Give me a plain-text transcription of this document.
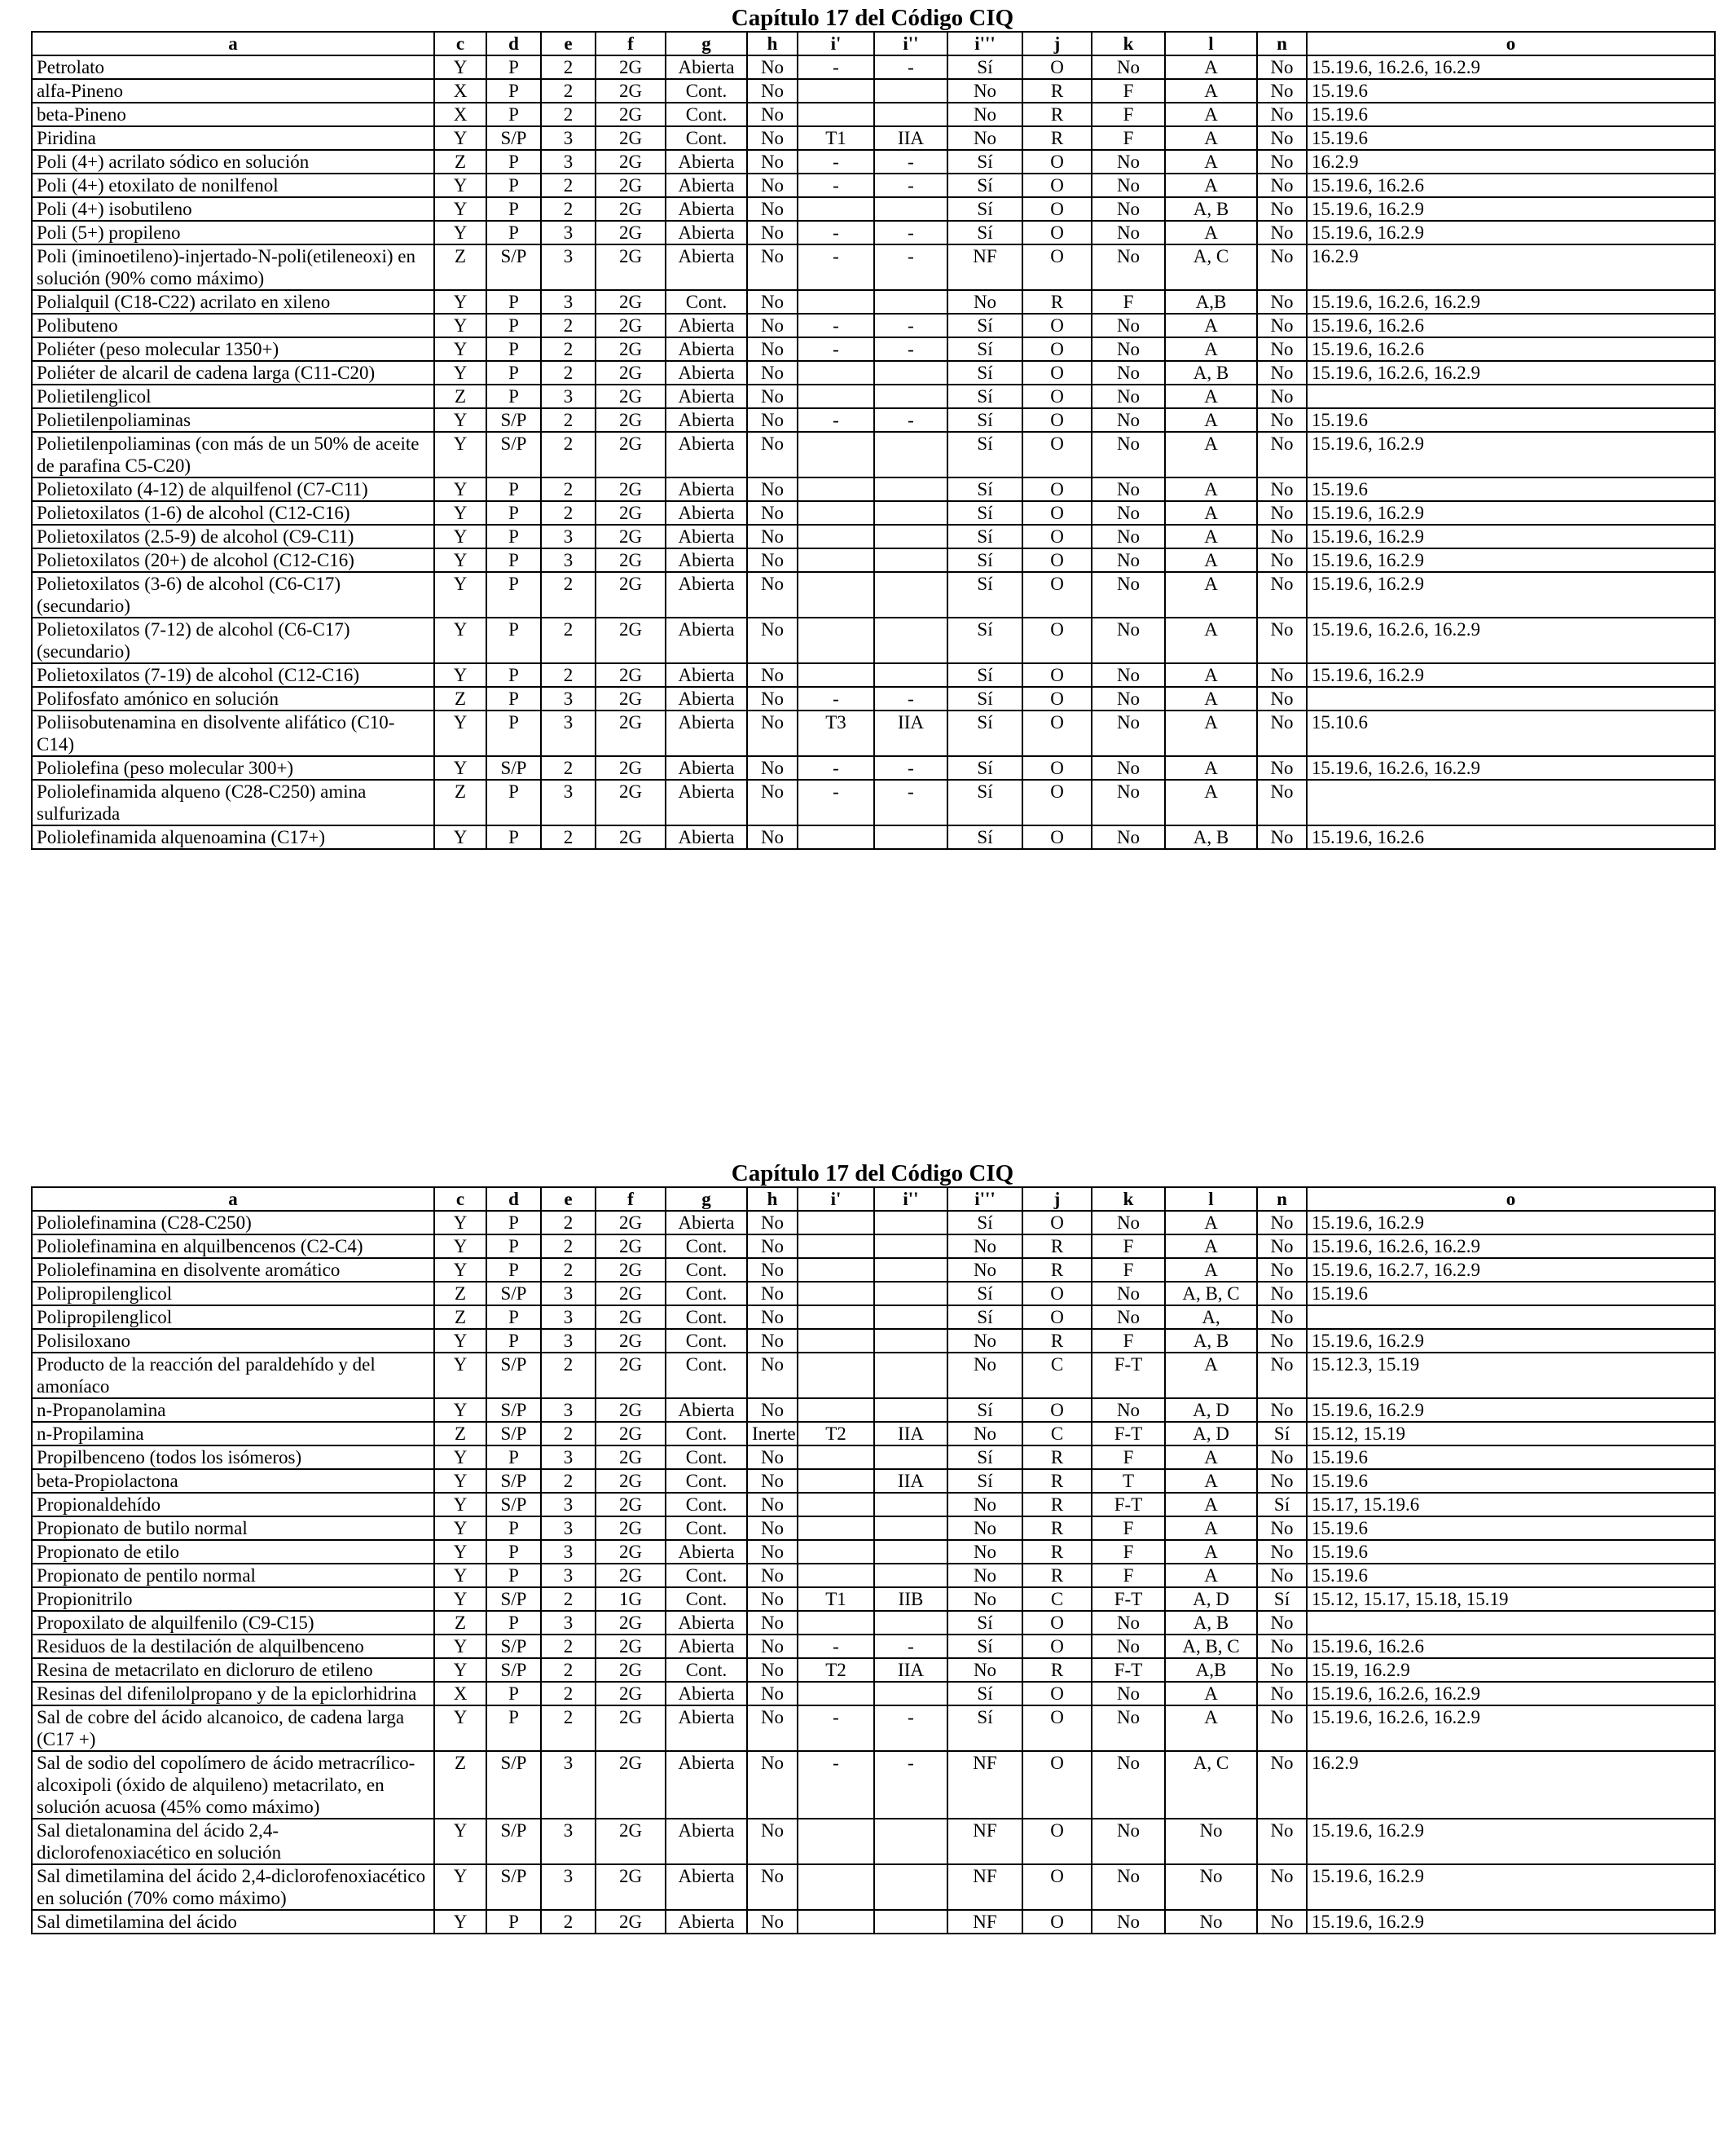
Capítulo 17 del Código CIQ
a	c	d	e	f	g	h	i'	i''	i'''	j	k	l	n	o
Petrolato	Y	P	2	2G	Abierta	No	-	-	Sí	O	No	A	No	15.19.6, 16.2.6, 16.2.9
alfa-Pineno	X	P	2	2G	Cont.	No			No	R	F	A	No	15.19.6
beta-Pineno	X	P	2	2G	Cont.	No			No	R	F	A	No	15.19.6
Piridina	Y	S/P	3	2G	Cont.	No	T1	IIA	No	R	F	A	No	15.19.6
Poli (4+) acrilato sódico en solución	Z	P	3	2G	Abierta	No	-	-	Sí	O	No	A	No	16.2.9
Poli (4+) etoxilato de nonilfenol	Y	P	2	2G	Abierta	No	-	-	Sí	O	No	A	No	15.19.6, 16.2.6
Poli (4+) isobutileno	Y	P	2	2G	Abierta	No			Sí	O	No	A, B	No	15.19.6, 16.2.9
Poli (5+) propileno	Y	P	3	2G	Abierta	No	-	-	Sí	O	No	A	No	15.19.6, 16.2.9
Poli (iminoetileno)-injertado-N-poli(etileneoxi) en solución (90% como máximo)	Z	S/P	3	2G	Abierta	No	-	-	NF	O	No	A, C	No	16.2.9
Polialquil (C18-C22) acrilato en xileno	Y	P	3	2G	Cont.	No			No	R	F	A,B	No	15.19.6, 16.2.6, 16.2.9
Polibuteno	Y	P	2	2G	Abierta	No	-	-	Sí	O	No	A	No	15.19.6, 16.2.6
Poliéter (peso molecular 1350+)	Y	P	2	2G	Abierta	No	-	-	Sí	O	No	A	No	15.19.6, 16.2.6
Poliéter de alcaril de cadena larga (C11-C20)	Y	P	2	2G	Abierta	No			Sí	O	No	A, B	No	15.19.6, 16.2.6, 16.2.9
Polietilenglicol	Z	P	3	2G	Abierta	No			Sí	O	No	A	No	
Polietilenpoliaminas	Y	S/P	2	2G	Abierta	No	-	-	Sí	O	No	A	No	15.19.6
Polietilenpoliaminas (con más de un 50% de aceite de parafina C5-C20)	Y	S/P	2	2G	Abierta	No			Sí	O	No	A	No	15.19.6, 16.2.9
Polietoxilato (4-12) de alquilfenol (C7-C11)	Y	P	2	2G	Abierta	No			Sí	O	No	A	No	15.19.6
Polietoxilatos (1-6) de alcohol (C12-C16)	Y	P	2	2G	Abierta	No			Sí	O	No	A	No	15.19.6, 16.2.9
Polietoxilatos (2.5-9) de alcohol (C9-C11)	Y	P	3	2G	Abierta	No			Sí	O	No	A	No	15.19.6, 16.2.9
Polietoxilatos (20+) de alcohol (C12-C16)	Y	P	3	2G	Abierta	No			Sí	O	No	A	No	15.19.6, 16.2.9
Polietoxilatos (3-6) de alcohol (C6-C17) (secundario)	Y	P	2	2G	Abierta	No			Sí	O	No	A	No	15.19.6, 16.2.9
Polietoxilatos (7-12) de alcohol (C6-C17) (secundario)	Y	P	2	2G	Abierta	No			Sí	O	No	A	No	15.19.6, 16.2.6, 16.2.9
Polietoxilatos (7-19) de alcohol (C12-C16)	Y	P	2	2G	Abierta	No			Sí	O	No	A	No	15.19.6, 16.2.9
Polifosfato amónico en solución	Z	P	3	2G	Abierta	No	-	-	Sí	O	No	A	No	
Poliisobutenamina en disolvente alifático (C10-C14)	Y	P	3	2G	Abierta	No	T3	IIA	Sí	O	No	A	No	15.10.6
Poliolefina (peso molecular 300+)	Y	S/P	2	2G	Abierta	No	-	-	Sí	O	No	A	No	15.19.6, 16.2.6, 16.2.9
Poliolefinamida alqueno (C28-C250) amina sulfurizada	Z	P	3	2G	Abierta	No	-	-	Sí	O	No	A	No	
Poliolefinamida alquenoamina (C17+)	Y	P	2	2G	Abierta	No			Sí	O	No	A, B	No	15.19.6, 16.2.6
Capítulo 17 del Código CIQ
a	c	d	e	f	g	h	i'	i''	i'''	j	k	l	n	o
Poliolefinamina (C28-C250)	Y	P	2	2G	Abierta	No			Sí	O	No	A	No	15.19.6, 16.2.9
Poliolefinamina en alquilbencenos (C2-C4)	Y	P	2	2G	Cont.	No			No	R	F	A	No	15.19.6, 16.2.6, 16.2.9
Poliolefinamina en disolvente aromático	Y	P	2	2G	Cont.	No			No	R	F	A	No	15.19.6, 16.2.7, 16.2.9
Polipropilenglicol	Z	S/P	3	2G	Cont.	No			Sí	O	No	A, B, C	No	15.19.6
Polipropilenglicol	Z	P	3	2G	Cont.	No			Sí	O	No	A,	No	
Polisiloxano	Y	P	3	2G	Cont.	No			No	R	F	A, B	No	15.19.6, 16.2.9
Producto de la reacción del paraldehído y del amoníaco	Y	S/P	2	2G	Cont.	No			No	C	F-T	A	No	15.12.3, 15.19
n-Propanolamina	Y	S/P	3	2G	Abierta	No			Sí	O	No	A, D	No	15.19.6, 16.2.9
n-Propilamina	Z	S/P	2	2G	Cont.	Inerte	T2	IIA	No	C	F-T	A, D	Sí	15.12, 15.19
Propilbenceno (todos los isómeros)	Y	P	3	2G	Cont.	No			Sí	R	F	A	No	15.19.6
beta-Propiolactona	Y	S/P	2	2G	Cont.	No		IIA	Sí	R	T	A	No	15.19.6
Propionaldehído	Y	S/P	3	2G	Cont.	No			No	R	F-T	A	Sí	15.17, 15.19.6
Propionato de butilo normal	Y	P	3	2G	Cont.	No			No	R	F	A	No	15.19.6
Propionato de etilo	Y	P	3	2G	Abierta	No			No	R	F	A	No	15.19.6
Propionato de pentilo normal	Y	P	3	2G	Cont.	No			No	R	F	A	No	15.19.6
Propionitrilo	Y	S/P	2	1G	Cont.	No	T1	IIB	No	C	F-T	A, D	Sí	15.12, 15.17, 15.18, 15.19
Propoxilato de alquilfenilo (C9-C15)	Z	P	3	2G	Abierta	No			Sí	O	No	A, B	No	
Residuos de la destilación de alquilbenceno	Y	S/P	2	2G	Abierta	No	-	-	Sí	O	No	A, B, C	No	15.19.6, 16.2.6
Resina de metacrilato en dicloruro de etileno	Y	S/P	2	2G	Cont.	No	T2	IIA	No	R	F-T	A,B	No	15.19, 16.2.9
Resinas del difenilolpropano y de la epiclorhidrina	X	P	2	2G	Abierta	No			Sí	O	No	A	No	15.19.6, 16.2.6, 16.2.9
Sal de cobre del ácido alcanoico, de cadena larga (C17 +)	Y	P	2	2G	Abierta	No	-	-	Sí	O	No	A	No	15.19.6, 16.2.6, 16.2.9
Sal de sodio del copolímero de ácido metracrílico-alcoxipoli (óxido de alquileno) metacrilato, en solución acuosa (45% como máximo)	Z	S/P	3	2G	Abierta	No	-	-	NF	O	No	A, C	No	16.2.9
Sal dietalonamina del ácido 2,4-diclorofenoxiacético en solución	Y	S/P	3	2G	Abierta	No			NF	O	No	No	No	15.19.6, 16.2.9
Sal dimetilamina del ácido 2,4-diclorofenoxiacético en solución (70% como máximo)	Y	S/P	3	2G	Abierta	No			NF	O	No	No	No	15.19.6, 16.2.9
Sal dimetilamina del ácido	Y	P	2	2G	Abierta	No			NF	O	No	No	No	15.19.6, 16.2.9
